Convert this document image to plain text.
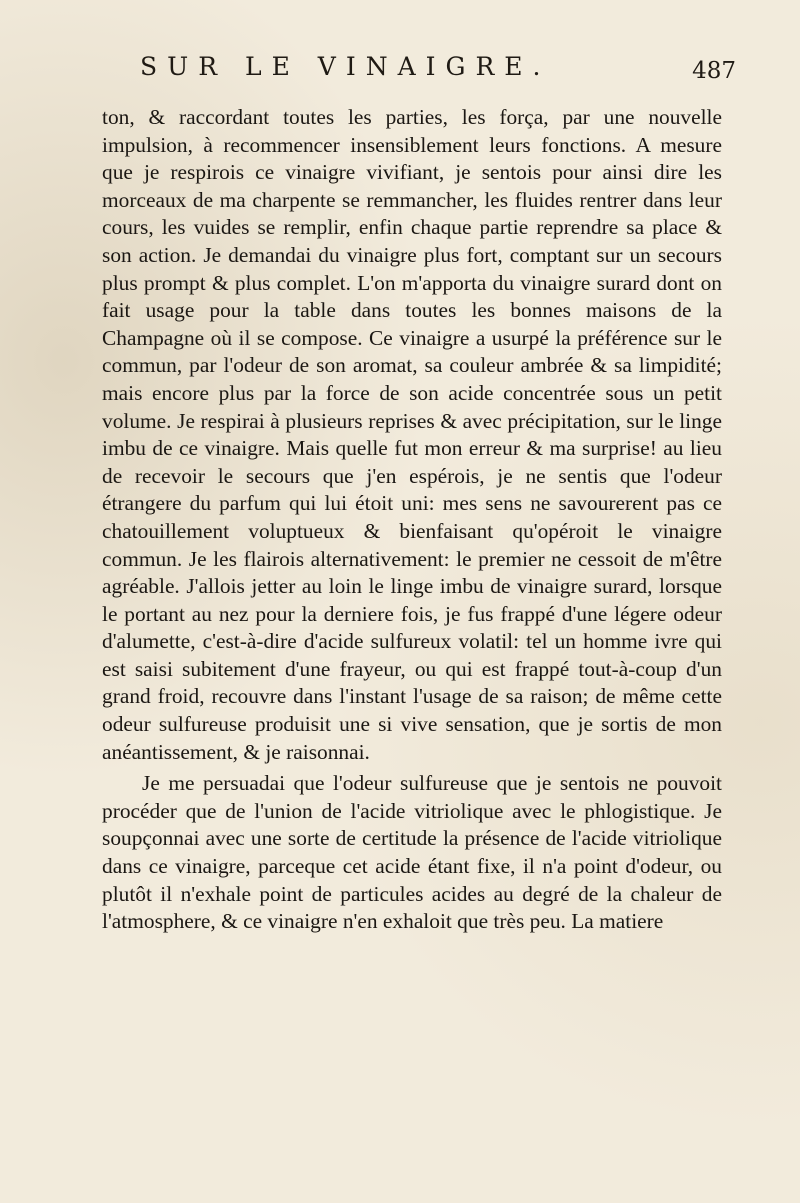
SUR LE VINAIGRE.	487

ton, & raccordant toutes les parties, les força, par une nouvelle impulsion, à recommencer insensiblement leurs fonctions. A mesure que je respirois ce vinaigre vivifiant, je sentois pour ainsi dire les morceaux de ma charpente se remmancher, les fluides rentrer dans leur cours, les vuides se remplir, enfin chaque partie reprendre sa place & son action. Je demandai du vinaigre plus fort, comptant sur un secours plus prompt & plus complet. L'on m'apporta du vinaigre surard dont on fait usage pour la table dans toutes les bonnes maisons de la Champagne où il se compose. Ce vinaigre a usurpé la préférence sur le commun, par l'odeur de son aromat, sa couleur ambrée & sa limpidité; mais encore plus par la force de son acide concentrée sous un petit volume. Je respirai à plusieurs reprises & avec précipitation, sur le linge imbu de ce vinaigre. Mais quelle fut mon erreur & ma surprise! au lieu de recevoir le secours que j'en espérois, je ne sentis que l'odeur étrangere du parfum qui lui étoit uni: mes sens ne savourerent pas ce chatouillement voluptueux & bienfaisant qu'opéroit le vinaigre commun. Je les flairois alternativement: le premier ne cessoit de m'être agréable. J'allois jetter au loin le linge imbu de vinaigre surard, lorsque le portant au nez pour la derniere fois, je fus frappé d'une légere odeur d'alumette, c'est-à-dire d'acide sulfureux volatil: tel un homme ivre qui est saisi subitement d'une frayeur, ou qui est frappé tout-à-coup d'un grand froid, recouvre dans l'instant l'usage de sa raison; de même cette odeur sulfureuse produisit une si vive sensation, que je sortis de mon anéantissement, & je raisonnai.

Je me persuadai que l'odeur sulfureuse que je sentois ne pouvoit procéder que de l'union de l'acide vitriolique avec le phlogistique. Je soupçonnai avec une sorte de certitude la présence de l'acide vitriolique dans ce vinaigre, parceque cet acide étant fixe, il n'a point d'odeur, ou plutôt il n'exhale point de particules acides au degré de la chaleur de l'atmosphere, & ce vinaigre n'en exhaloit que très peu. La matiere
